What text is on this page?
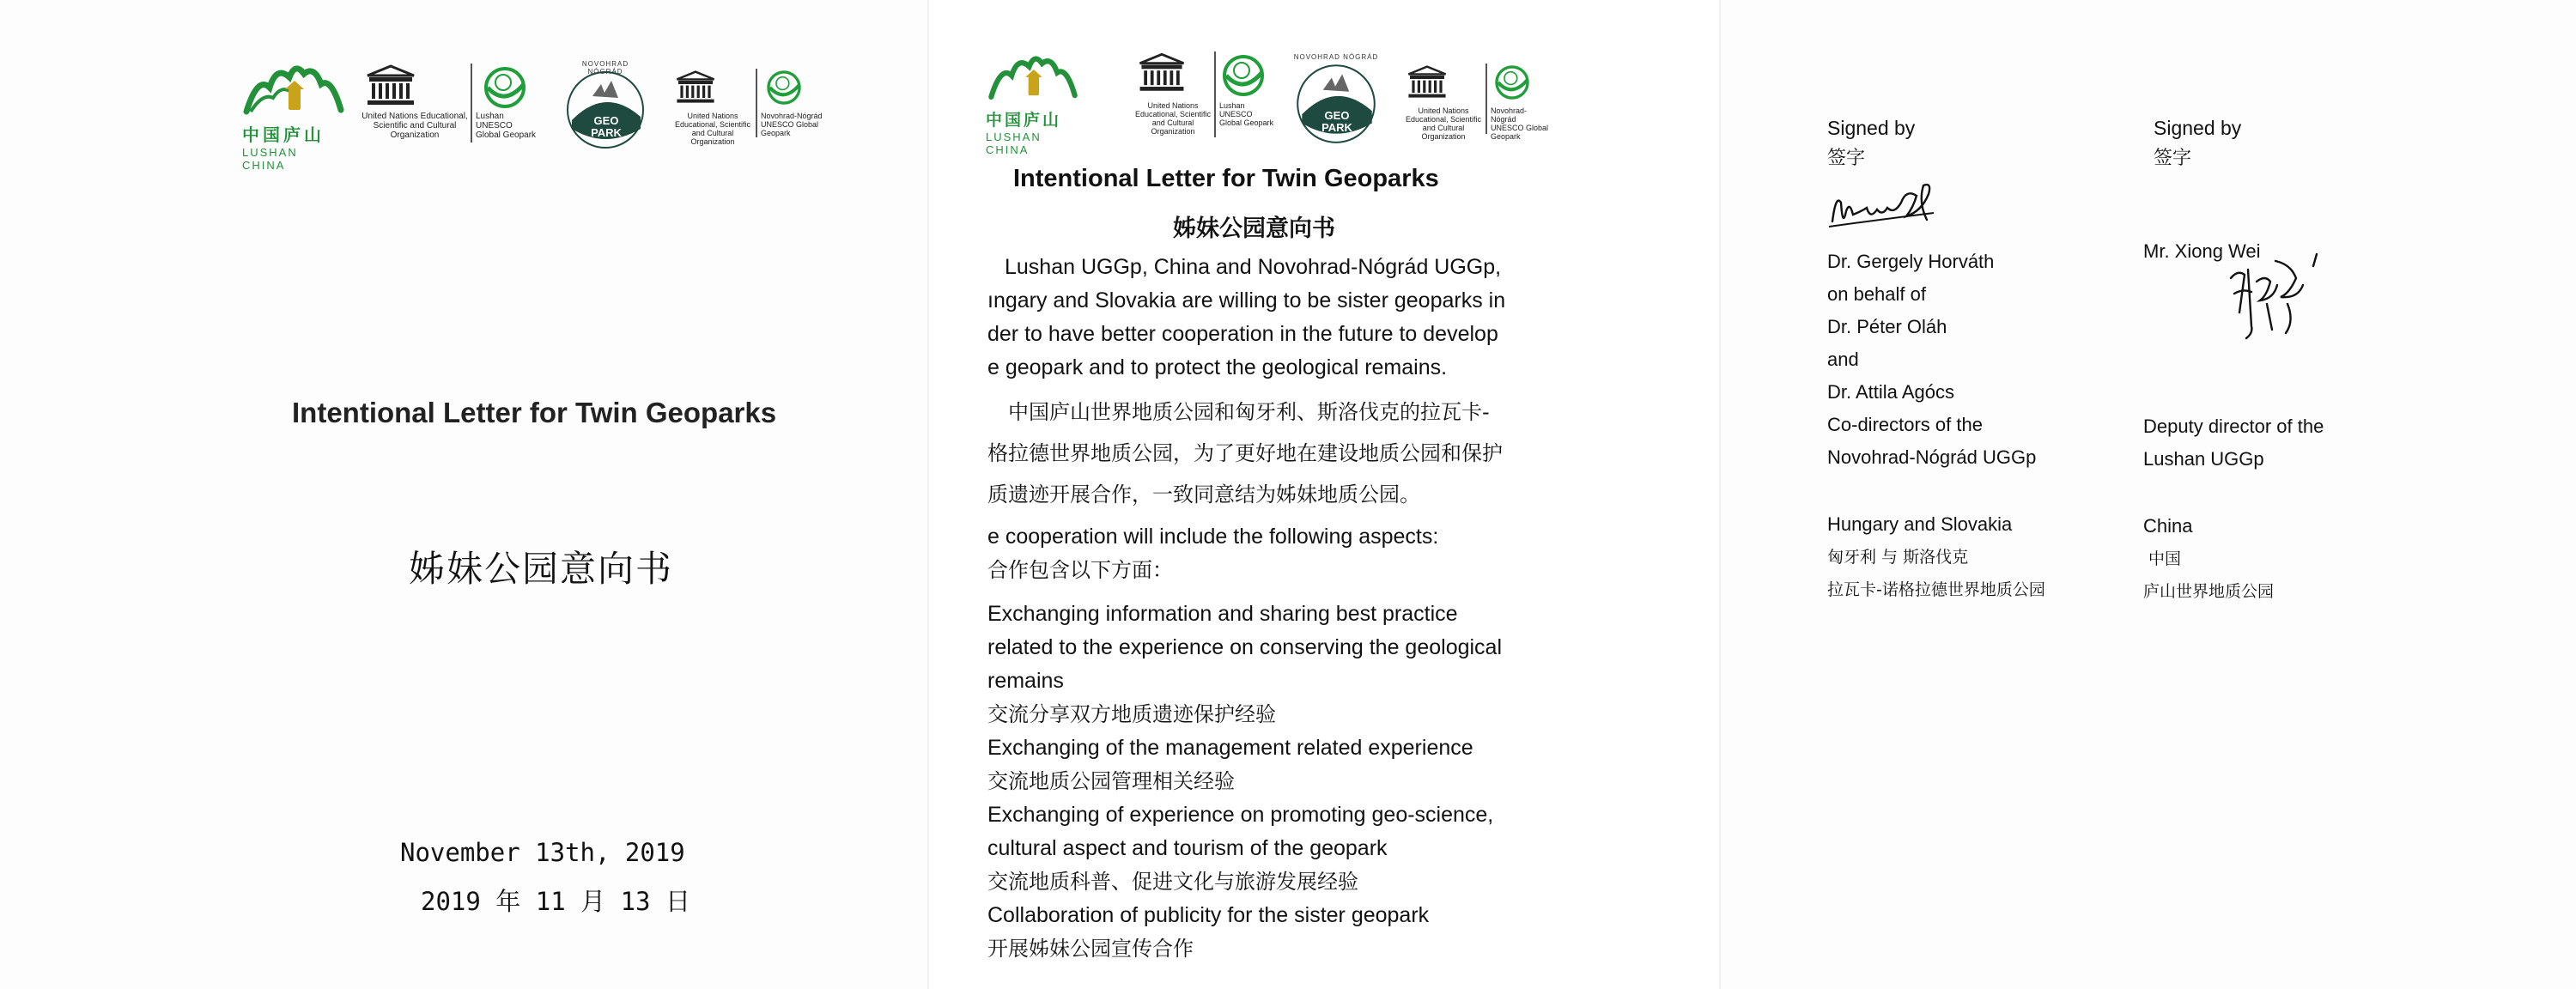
中国庐山
LUSHAN CHINA
United Nations Educational, Scientific and Cultural Organization
Lushan UNESCO Global Geopark
GEO PARK
NOVOHRAD NÓGRÁD
United Nations Educational, Scientific and Cultural Organization
Novohrad-Nógrád UNESCO Global Geopark
Intentional Letter for Twin Geoparks
姊妹公园意向书
November 13th, 2019
2019 年 11 月 13 日
中国庐山
LUSHAN CHINA
United Nations Educational, Scientific and Cultural Organization
Lushan UNESCO Global Geopark
GEO PARK
NOVOHRAD NÓGRÁD
United Nations Educational, Scientific and Cultural Organization
Novohrad-Nógrád UNESCO Global Geopark
Intentional Letter for Twin Geoparks
姊妹公园意向书
Lushan UGGp, China and Novohrad-Nógrád UGGp,
ıngary and Slovakia are willing to be sister geoparks in
der to have better cooperation in the future to develop
e geopark and to protect the geological remains.
中国庐山世界地质公园和匈牙利、斯洛伐克的拉瓦卡-
格拉德世界地质公园，为了更好地在建设地质公园和保护
质遗迹开展合作，一致同意结为姊妹地质公园。
e cooperation will include the following aspects:
合作包含以下方面：
Exchanging information and sharing best practice
related to the experience on conserving the geological
remains
交流分享双方地质遗迹保护经验
Exchanging of the management related experience
交流地质公园管理相关经验
Exchanging of experience on promoting geo-science,
cultural aspect and tourism of the geopark
交流地质科普、促进文化与旅游发展经验
Collaboration of publicity for the sister geopark
开展姊妹公园宣传合作
Signed by
签字
Dr. Gergely Horváth
on behalf of
Dr. Péter Oláh
and
Dr. Attila Agócs
Co-directors of the
Novohrad-Nógrád UGGp
Hungary and Slovakia
匈牙利 与 斯洛伐克
拉瓦卡-诺格拉德世界地质公园
Signed by
签字
Mr. Xiong Wei
Deputy director of the
Lushan UGGp
China
中国
庐山世界地质公园
